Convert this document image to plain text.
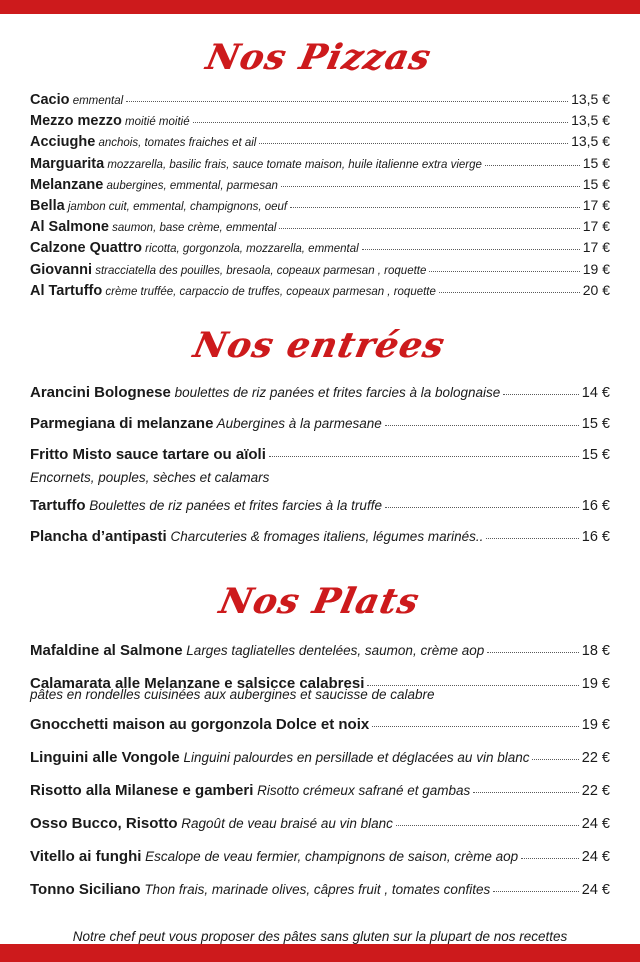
Nos Pizzas
Cacio emmental	13,5 €
Mezzo mezzo moitié moitié	13,5 €
Acciughe anchois, tomates fraiches et ail	13,5 €
Marguarita mozzarella, basilic frais, sauce tomate maison, huile italienne extra vierge	15 €
Melanzane aubergines, emmental, parmesan	15 €
Bella jambon cuit, emmental, champignons, oeuf	17 €
Al Salmone saumon, base crème, emmental	17 €
Calzone Quattro ricotta, gorgonzola, mozzarella, emmental	17 €
Giovanni stracciatella des pouilles, bresaola, copeaux parmesan , roquette	19 €
Al Tartuffo crème truffée, carpaccio de truffes, copeaux parmesan , roquette	20 €
Nos entrées
Arancini Bolognese boulettes de riz panées et frites farcies à la bolognaise	14 €
Parmegiana di melanzane Aubergines à la parmesane	15 €
Fritto Misto sauce tartare ou aïoli	15 €
Encornets, pouples, sèches et calamars
Tartuffo Boulettes de riz panées et frites farcies à la truffe	16 €
Plancha d’antipasti Charcuteries & fromages italiens, légumes marinés..	16 €
Nos Plats
Mafaldine al Salmone Larges tagliatelles dentelées, saumon, crème aop	18 €
Calamarata alle Melanzane e salsicce calabresi	19 €
pâtes en rondelles cuisinées aux aubergines et saucisse de calabre
Gnocchetti maison au gorgonzola Dolce et noix	19 €
Linguini alle Vongole Linguini palourdes en persillade et déglacées au vin blanc	22 €
Risotto alla Milanese e gamberi Risotto crémeux safrané et gambas	22 €
Osso Bucco, Risotto Ragoût de veau braisé au vin blanc	24 €
Vitello ai funghi Escalope de veau fermier, champignons de saison, crème aop	24 €
Tonno Siciliano Thon frais, marinade olives, câpres fruit , tomates confites	24 €
Notre chef peut vous proposer des pâtes sans gluten sur la plupart de nos recettes
